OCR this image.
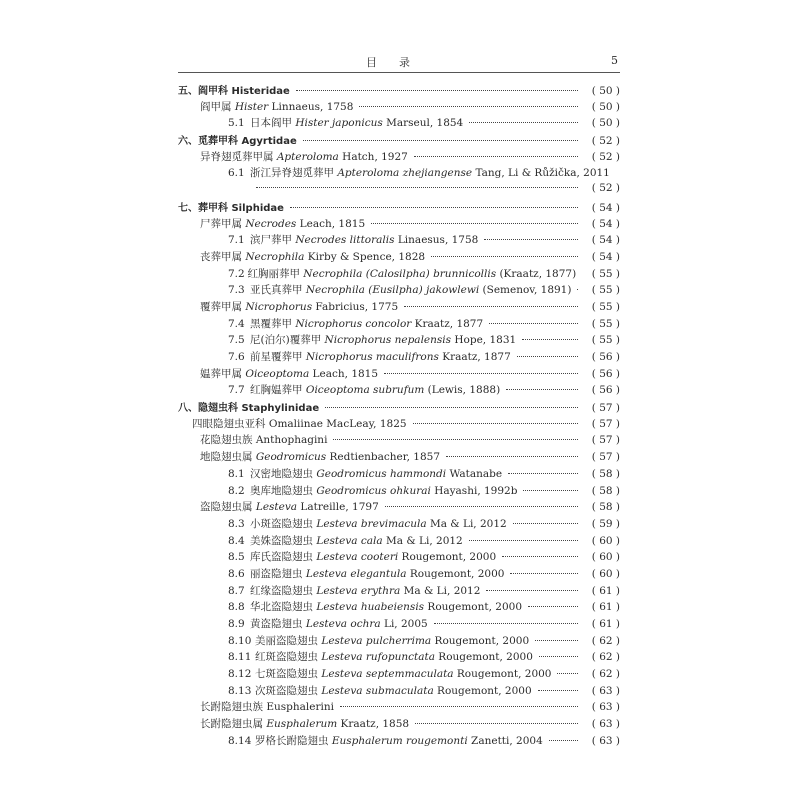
目录	5
五、阎甲科 Histeridae	( 50 )
阎甲属 Hister Linnaeus, 1758	( 50 )
5.1 日本阎甲 Hister japonicus Marseul, 1854	( 50 )
六、觅葬甲科 Agyrtidae	( 52 )
异脊翅觅葬甲属 Apteroloma Hatch, 1927	( 52 )
6.1 浙江异脊翅觅葬甲 Apteroloma zhejiangense Tang, Li & Růžička, 2011
( 52 )
七、葬甲科 Silphidae	( 54 )
尸葬甲属 Necrodes Leach, 1815	( 54 )
7.1 滨尸葬甲 Necrodes littoralis Linaesus, 1758	( 54 )
丧葬甲属 Necrophila Kirby & Spence, 1828	( 54 )
7.2 红胸丽葬甲 Necrophila (Calosilpha) brunnicollis (Kraatz, 1877)	( 55 )
7.3 亚氏真葬甲 Necrophila (Eusilpha) jakowlewi (Semenov, 1891)	( 55 )
覆葬甲属 Nicrophorus Fabricius, 1775	( 55 )
7.4 黑覆葬甲 Nicrophorus concolor Kraatz, 1877	( 55 )
7.5 尼(泊尔)覆葬甲 Nicrophorus nepalensis Hope, 1831	( 55 )
7.6 前星覆葬甲 Nicrophorus maculifrons Kraatz, 1877	( 56 )
媪葬甲属 Oiceoptoma Leach, 1815	( 56 )
7.7 红胸媪葬甲 Oiceoptoma subrufum (Lewis, 1888)	( 56 )
八、隐翅虫科 Staphylinidae	( 57 )
四眼隐翅虫亚科 Omaliinae MacLeay, 1825	( 57 )
花隐翅虫族 Anthophagini	( 57 )
地隐翅虫属 Geodromicus Redtienbacher, 1857	( 57 )
8.1 汉密地隐翅虫 Geodromicus hammondi Watanabe	( 58 )
8.2 奥库地隐翅虫 Geodromicus ohkurai Hayashi, 1992b	( 58 )
盗隐翅虫属 Lesteva Latreille, 1797	( 58 )
8.3 小斑盗隐翅虫 Lesteva brevimacula Ma & Li, 2012	( 59 )
8.4 美姝盗隐翅虫 Lesteva cala Ma & Li, 2012	( 60 )
8.5 库氏盗隐翅虫 Lesteva cooteri Rougemont, 2000	( 60 )
8.6 丽盗隐翅虫 Lesteva elegantula Rougemont, 2000	( 60 )
8.7 红缘盗隐翅虫 Lesteva erythra Ma & Li, 2012	( 61 )
8.8 华北盗隐翅虫 Lesteva huabeiensis Rougemont, 2000	( 61 )
8.9 黄盗隐翅虫 Lesteva ochra Li, 2005	( 61 )
8.10 美丽盗隐翅虫 Lesteva pulcherrima Rougemont, 2000	( 62 )
8.11 红斑盗隐翅虫 Lesteva rufopunctata Rougemont, 2000	( 62 )
8.12 七斑盗隐翅虫 Lesteva septemmaculata Rougemont, 2000	( 62 )
8.13 次斑盗隐翅虫 Lesteva submaculata Rougemont, 2000	( 63 )
长跗隐翅虫族 Eusphalerini	( 63 )
长跗隐翅虫属 Eusphalerum Kraatz, 1858	( 63 )
8.14 罗格长跗隐翅虫 Eusphalerum rougemonti Zanetti, 2004	( 63 )
